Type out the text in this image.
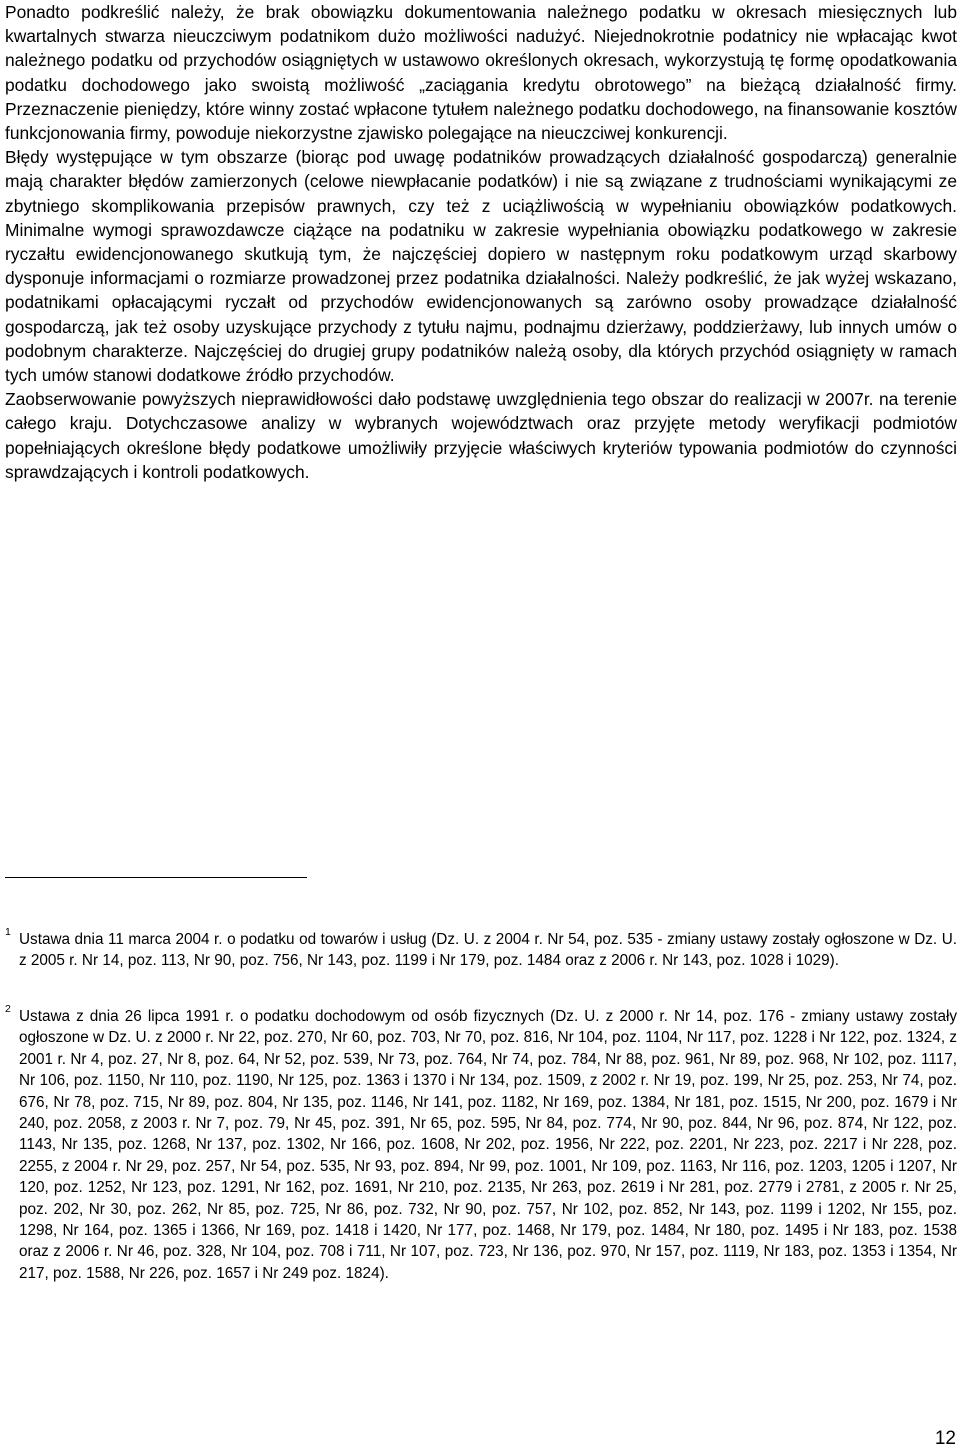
Ponadto podkreślić należy, że brak obowiązku dokumentowania należnego podatku w okresach miesięcznych lub kwartalnych stwarza nieuczciwym podatnikom dużo możliwości nadużyć. Niejednokrotnie podatnicy nie wpłacając kwot należnego podatku od przychodów osiągniętych w ustawowo określonych okresach, wykorzystują tę formę opodatkowania podatku dochodowego jako swoistą możliwość „zaciągania kredytu obrotowego” na bieżącą działalność firmy. Przeznaczenie pieniędzy, które winny zostać wpłacone tytułem należnego podatku dochodowego, na finansowanie kosztów funkcjonowania firmy, powoduje niekorzystne zjawisko polegające na nieuczciwej konkurencji.

Błędy występujące w tym obszarze (biorąc pod uwagę podatników prowadzących działalność gospodarczą) generalnie mają charakter błędów zamierzonych (celowe niewpłacanie podatków) i nie są związane z trudnościami wynikającymi ze zbytniego skomplikowania przepisów prawnych, czy też z uciążliwością w wypełnianiu obowiązków podatkowych. Minimalne wymogi sprawozdawcze ciążące na podatniku w zakresie wypełniania obowiązku podatkowego w zakresie ryczałtu ewidencjonowanego skutkują tym, że najczęściej dopiero w następnym roku podatkowym urząd skarbowy dysponuje informacjami o rozmiarze prowadzonej przez podatnika działalności. Należy podkreślić, że jak wyżej wskazano, podatnikami opłacającymi ryczałt od przychodów ewidencjonowanych są zarówno osoby prowadzące działalność gospodarczą, jak też osoby uzyskujące przychody z tytułu najmu, podnajmu dzierżawy, poddzierżawy, lub innych umów o podobnym charakterze. Najczęściej do drugiej grupy podatników należą osoby, dla których przychód osiągnięty w ramach tych umów stanowi dodatkowe źródło przychodów.

Zaobserwowanie powyższych nieprawidłowości dało podstawę uwzględnienia tego obszar do realizacji w 2007r. na terenie całego kraju. Dotychczasowe analizy w wybranych województwach oraz przyjęte metody weryfikacji podmiotów popełniających określone błędy podatkowe umożliwiły przyjęcie właściwych kryteriów typowania podmiotów do czynności sprawdzających i kontroli podatkowych.

1 Ustawa dnia 11 marca 2004 r. o podatku od towarów i usług (Dz. U. z 2004 r. Nr 54, poz. 535 - zmiany ustawy zostały ogłoszone w Dz. U. z 2005 r. Nr 14, poz. 113, Nr 90, poz. 756, Nr 143, poz. 1199 i Nr 179, poz. 1484 oraz z 2006 r. Nr 143, poz. 1028 i 1029).
2 Ustawa z dnia 26 lipca 1991 r. o podatku dochodowym od osób fizycznych (Dz. U. z 2000 r. Nr 14, poz. 176 - zmiany ustawy zostały ogłoszone w Dz. U. z 2000 r. Nr 22, poz. 270, Nr 60, poz. 703, Nr 70, poz. 816, Nr 104, poz. 1104, Nr 117, poz. 1228 i Nr 122, poz. 1324, z 2001 r. Nr 4, poz. 27, Nr 8, poz. 64, Nr 52, poz. 539, Nr 73, poz. 764, Nr 74, poz. 784, Nr 88, poz. 961, Nr 89, poz. 968, Nr 102, poz. 1117, Nr 106, poz. 1150, Nr 110, poz. 1190, Nr 125, poz. 1363 i 1370 i Nr 134, poz. 1509, z 2002 r. Nr 19, poz. 199, Nr 25, poz. 253, Nr 74, poz. 676, Nr 78, poz. 715, Nr 89, poz. 804, Nr 135, poz. 1146, Nr 141, poz. 1182, Nr 169, poz. 1384, Nr 181, poz. 1515, Nr 200, poz. 1679 i Nr 240, poz. 2058, z 2003 r. Nr 7, poz. 79, Nr 45, poz. 391, Nr 65, poz. 595, Nr 84, poz. 774, Nr 90, poz. 844, Nr 96, poz. 874, Nr 122, poz. 1143, Nr 135, poz. 1268, Nr 137, poz. 1302, Nr 166, poz. 1608, Nr 202, poz. 1956, Nr 222, poz. 2201, Nr 223, poz. 2217 i Nr 228, poz. 2255, z 2004 r. Nr 29, poz. 257, Nr 54, poz. 535, Nr 93, poz. 894, Nr 99, poz. 1001, Nr 109, poz. 1163, Nr 116, poz. 1203, 1205 i 1207, Nr 120, poz. 1252, Nr 123, poz. 1291, Nr 162, poz. 1691, Nr 210, poz. 2135, Nr 263, poz. 2619 i Nr 281, poz. 2779 i 2781, z 2005 r. Nr 25, poz. 202, Nr 30, poz. 262, Nr 85, poz. 725, Nr 86, poz. 732, Nr 90, poz. 757, Nr 102, poz. 852, Nr 143, poz. 1199 i 1202, Nr 155, poz. 1298, Nr 164, poz. 1365 i 1366, Nr 169, poz. 1418 i 1420, Nr 177, poz. 1468, Nr 179, poz. 1484, Nr 180, poz. 1495 i Nr 183, poz. 1538 oraz z 2006 r. Nr 46, poz. 328, Nr 104, poz. 708 i 711, Nr 107, poz. 723, Nr 136, poz. 970, Nr 157, poz. 1119, Nr 183, poz. 1353 i 1354, Nr 217, poz. 1588, Nr 226, poz. 1657 i Nr 249 poz. 1824).
12
